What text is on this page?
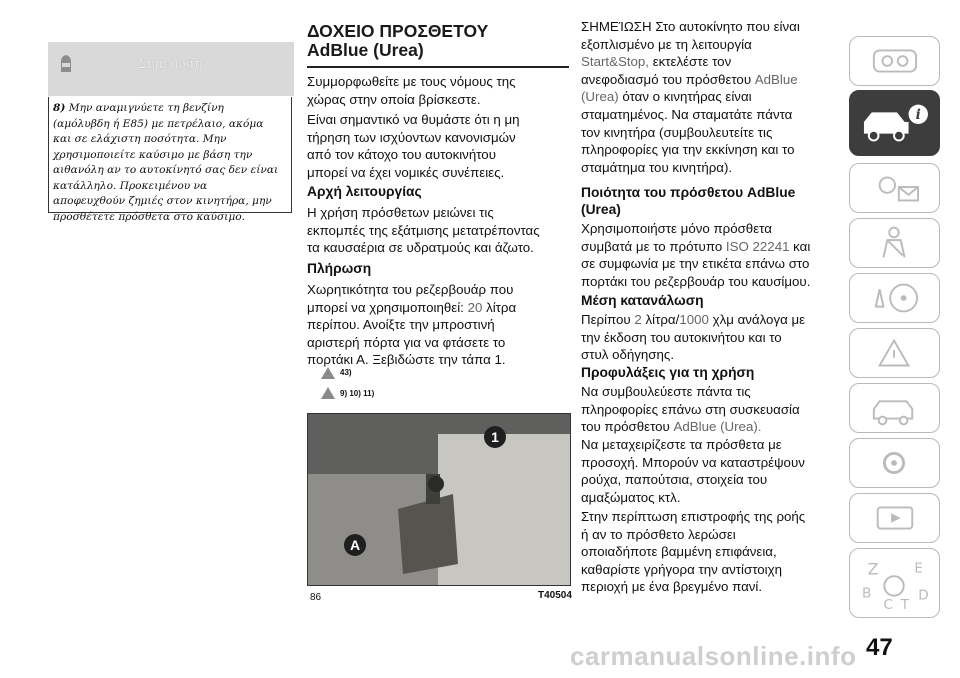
Σημείωση
8) Μην αναμιγνύετε τη βενζίνη
(αμόλυβδη ή E85) με πετρέλαιο, ακόμα
και σε ελάχιστη ποσότητα. Μην
χρησιμοποιείτε καύσιμο με βάση την
αιθανόλη αν το αυτοκίνητό σας δεν είναι
κατάλληλο. Προκειμένου να
αποφευχθούν ζημιές στον κινητήρα, μην
προσθέτετε πρόσθετα στο καύσιμο.
ΔΟΧΕΙΟ ΠΡΟΣΘΕΤΟΥ
AdBlue (Urea)
Συμμορφωθείτε με τους νόμους της
χώρας στην οποία βρίσκεστε.
Είναι σημαντικό να θυμάστε ότι η μη
τήρηση των ισχύοντων κανονισμών
από τον κάτοχο του αυτοκινήτου
μπορεί να έχει νομικές συνέπειες.
Αρχή λειτουργίας
Η χρήση πρόσθετων μειώνει τις
εκπομπές της εξάτμισης μετατρέποντας
τα καυσαέρια σε υδρατμούς και άζωτο.
Πλήρωση
Χωρητικότητα του ρεζερβουάρ που
μπορεί να χρησιμοποιηθεί: 20 λίτρα
περίπου. Ανοίξτε την μπροστινή
αριστερή πόρτα για να φτάσετε το
πορτάκι Α. Ξεβιδώστε την τάπα 1.
43)
9) 10) 11)
1
A
86	T40504
ΣΗΜΕΊΩΣΗ Στο αυτοκίνητο που είναι
εξοπλισμένο με τη λειτουργία
Start&Stop, εκτελέστε τον
ανεφοδιασμό του πρόσθετου AdBlue
(Urea) όταν ο κινητήρας είναι
σταματημένος. Να σταματάτε πάντα
τον κινητήρα (συμβουλευτείτε τις
πληροφορίες για την εκκίνηση και το
σταμάτημα του κινητήρα).
Ποιότητα του πρόσθετου AdBlue
(Urea)
Χρησιμοποιήστε μόνο πρόσθετα
συμβατά με το πρότυπο ISO 22241 και
σε συμφωνία με την ετικέτα επάνω στο
πορτάκι του ρεζερβουάρ του καυσίμου.
Μέση κατανάλωση
Περίπου 2 λίτρα/1000 χλμ ανάλογα με
την έκδοση του αυτοκινήτου και το
στυλ οδήγησης.
Προφυλάξεις για τη χρήση
Να συμβουλεύεστε πάντα τις
πληροφορίες επάνω στη συσκευασία
του πρόσθετου AdBlue (Urea).
Να μεταχειρίζεστε τα πρόσθετα με
προσοχή. Μπορούν να καταστρέψουν
ρούχα, παπούτσια, στοιχεία του
αμαξώματος κτλ.
Στην περίπτωση επιστροφής της ροής
ή αν το πρόσθετο λερώσει
οποιαδήποτε βαμμένη επιφάνεια,
καθαρίστε γρήγορα την αντίστοιχη
περιοχή με ένα βρεγμένο πανί.
i
Z	E
B
C T
D
carmanualsonline.info 47
